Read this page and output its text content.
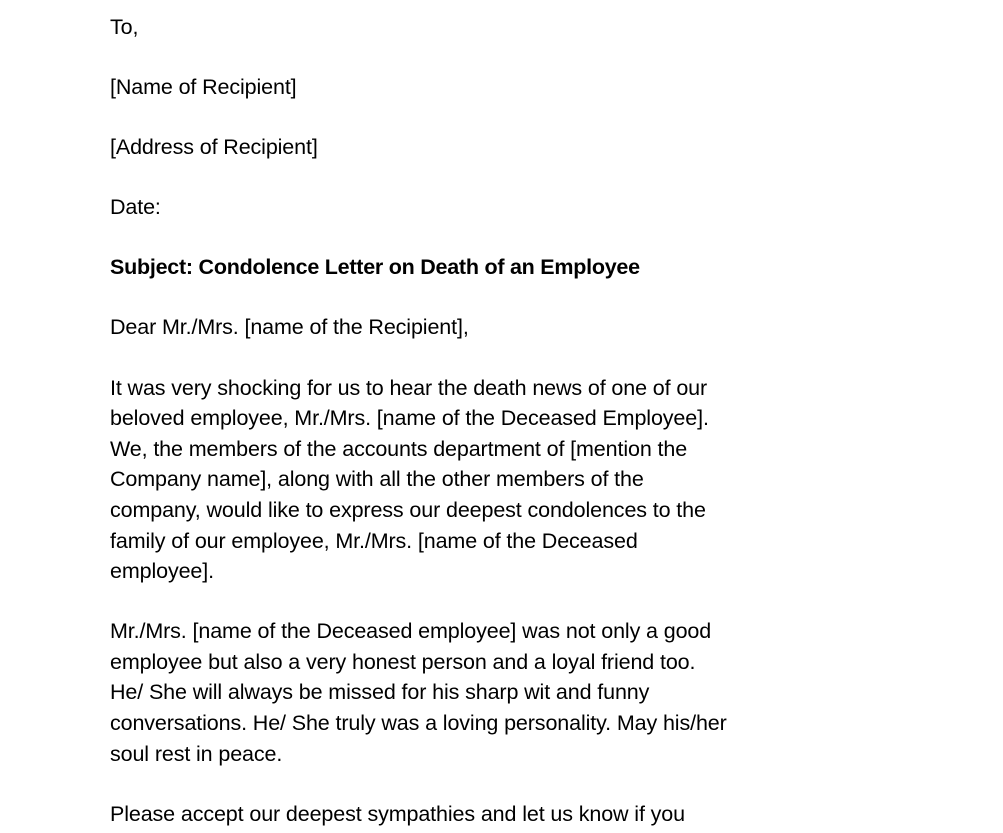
To,

[Name of Recipient]

[Address of Recipient]

Date:

Subject: Condolence Letter on Death of an Employee

Dear Mr./Mrs. [name of the Recipient],

It was very shocking for us to hear the death news of one of our
beloved employee, Mr./Mrs. [name of the Deceased Employee].
We, the members of the accounts department of [mention the
Company name], along with all the other members of the
company, would like to express our deepest condolences to the
family of our employee, Mr./Mrs. [name of the Deceased
employee].
Mr./Mrs. [name of the Deceased employee] was not only a good
employee but also a very honest person and a loyal friend too.
He/ She will always be missed for his sharp wit and funny
conversations. He/ She truly was a loving personality. May his/her
soul rest in peace.
Please accept our deepest sympathies and let us know if you
